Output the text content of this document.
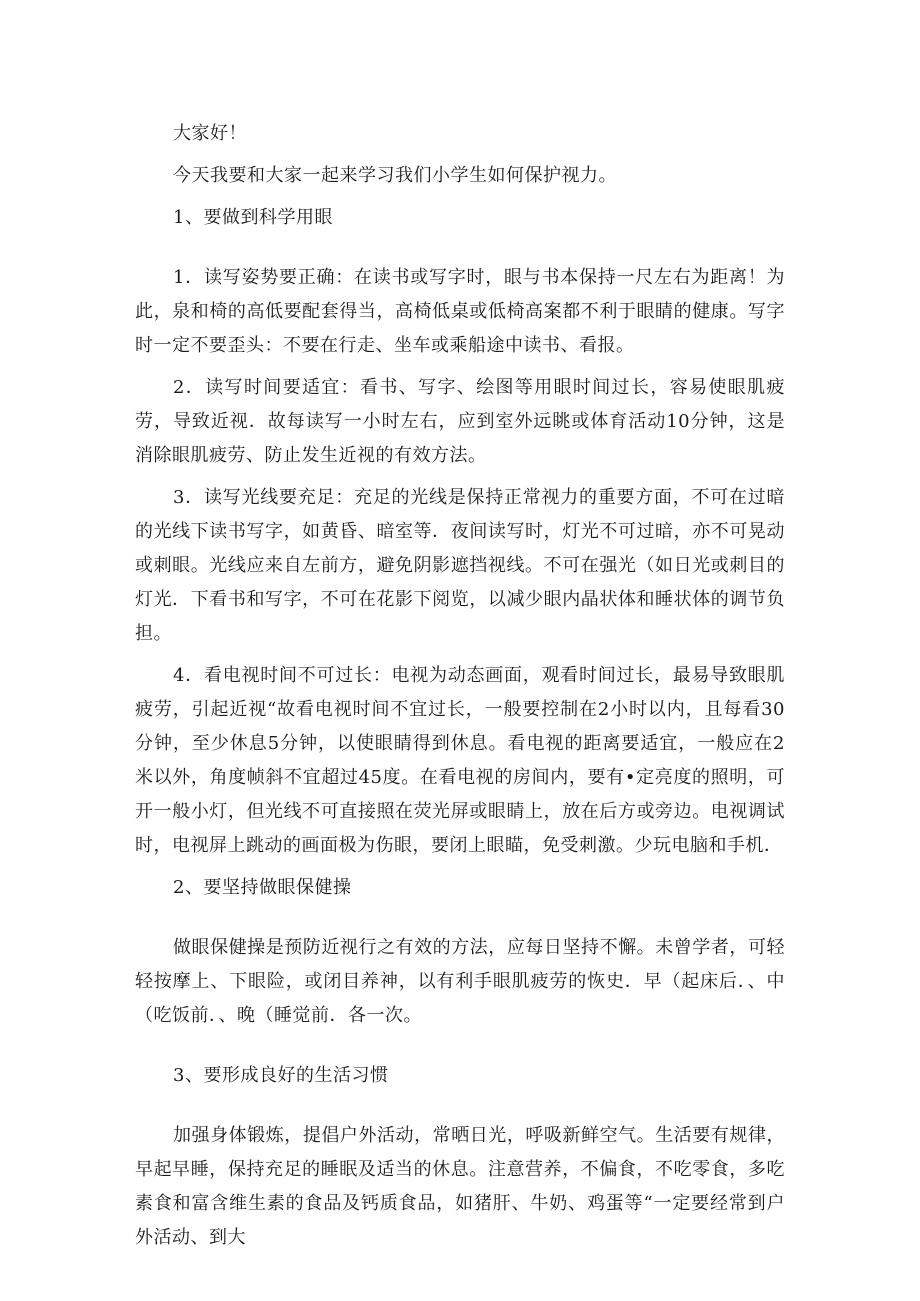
大家好！

今天我要和大家一起来学习我们小学生如何保护视力。

1、要做到科学用眼

1．读写姿势要正确：在读书或写字时，眼与书本保持一尺左右为距离！为此，泉和椅的高低要配套得当，高椅低桌或低椅高案都不利于眼睛的健康。写字时一定不要歪头：不要在行走、坐车或乘船途中读书、看报。

2．读写时间要适宜：看书、写字、绘图等用眼时间过长，容易使眼肌疲劳，导致近视．故每读写一小时左右，应到室外远眺或体育活动10分钟，这是消除眼肌疲劳、防止发生近视的有效方法。

3．读写光线要充足：充足的光线是保持正常视力的重要方面，不可在过暗的光线下读书写字，如黄昏、暗室等．夜间读写时，灯光不可过暗，亦不可晃动或刺眼。光线应来自左前方，避免阴影遮挡视线。不可在强光（如日光或刺目的灯光．下看书和写字，不可在花影下阅览，以减少眼内晶状体和睡状体的调节负担。

4．看电视时间不可过长：电视为动态画面，观看时间过长，最易导致眼肌疲劳，引起近视“故看电视时间不宜过长，一般要控制在2小时以内，且每看30分钟，至少休息5分钟，以使眼睛得到休息。看电视的距离要适宜，一般应在2米以外，角度帧斜不宜超过45度。在看电视的房间内，要有•定亮度的照明，可开一般小灯，但光线不可直接照在荧光屏或眼睛上，放在后方或旁边。电视调试时，电视屏上跳动的画面极为伤眼，要闭上眼瞄，免受刺激。少玩电脑和手机．

2、要坚持做眼保健操

做眼保健操是预防近视行之有效的方法，应每日坚持不懈。未曾学者，可轻轻按摩上、下眼险，或闭目养神，以有利手眼肌疲劳的恢史．早（起床后．、中（吃饭前．、晚（睡觉前．各一次。

3、要形成良好的生活习惯

加强身体锻炼，提倡户外活动，常晒日光，呼吸新鲜空气。生活要有规律，早起早睡，保持充足的睡眠及适当的休息。注意营养，不偏食，不吃零食，多吃素食和富含维生素的食品及钙质食品，如猪肝、牛奶、鸡蛋等“一定要经常到户外活动、到大
